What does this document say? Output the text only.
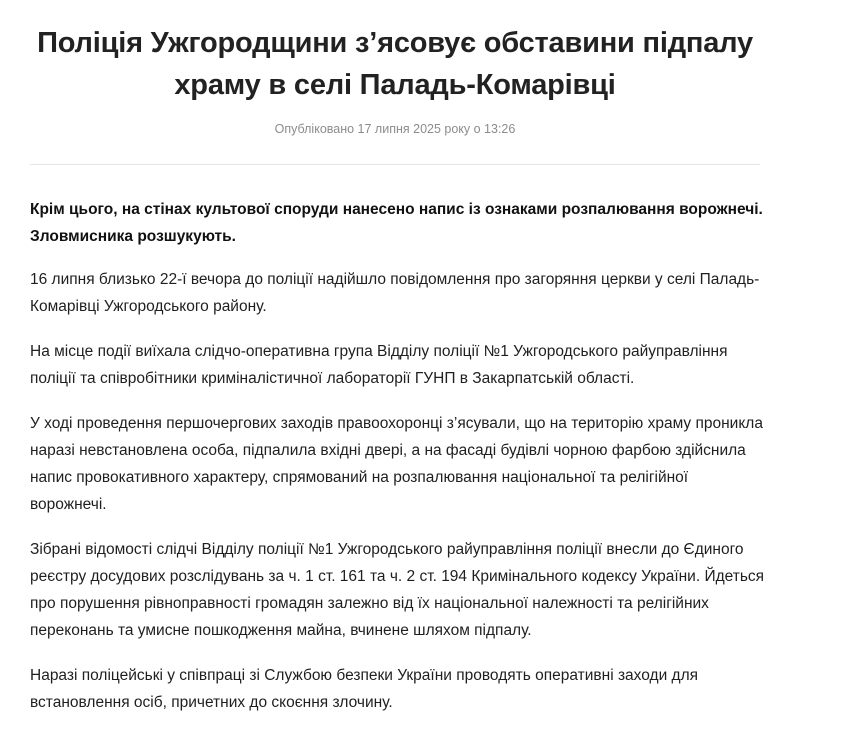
Поліція Ужгородщини з’ясовує обставини підпалу храму в селі Паладь-Комарівці
Опубліковано 17 липня 2025 року о 13:26

Крім цього, на стінах культової споруди нанесено напис із ознаками розпалювання ворожнечі. Зловмисника розшукують.

16 липня близько 22-ї вечора до поліції надійшло повідомлення про загоряння церкви у селі Паладь-Комарівці Ужгородського району.

На місце події виїхала слідчо-оперативна група Відділу поліції №1 Ужгородського райуправління поліції та співробітники криміналістичної лабораторії ГУНП в Закарпатській області.

У ході проведення першочергових заходів правоохоронці з’ясували, що на територію храму проникла наразі невстановлена особа, підпалила вхідні двері, а на фасаді будівлі чорною фарбою здійснила напис провокативного характеру, спрямований на розпалювання національної та релігійної ворожнечі.

Зібрані відомості слідчі Відділу поліції №1 Ужгородського райуправління поліції внесли до Єдиного реєстру досудових розслідувань за ч. 1 ст. 161 та ч. 2 ст. 194 Кримінального кодексу України. Йдеться про порушення рівноправності громадян залежно від їх національної належності та релігійних переконань та умисне пошкодження майна, вчинене шляхом підпалу.

Наразі поліцейські у співпраці зі Службою безпеки України проводять оперативні заходи для встановлення осіб, причетних до скоєння злочину.
